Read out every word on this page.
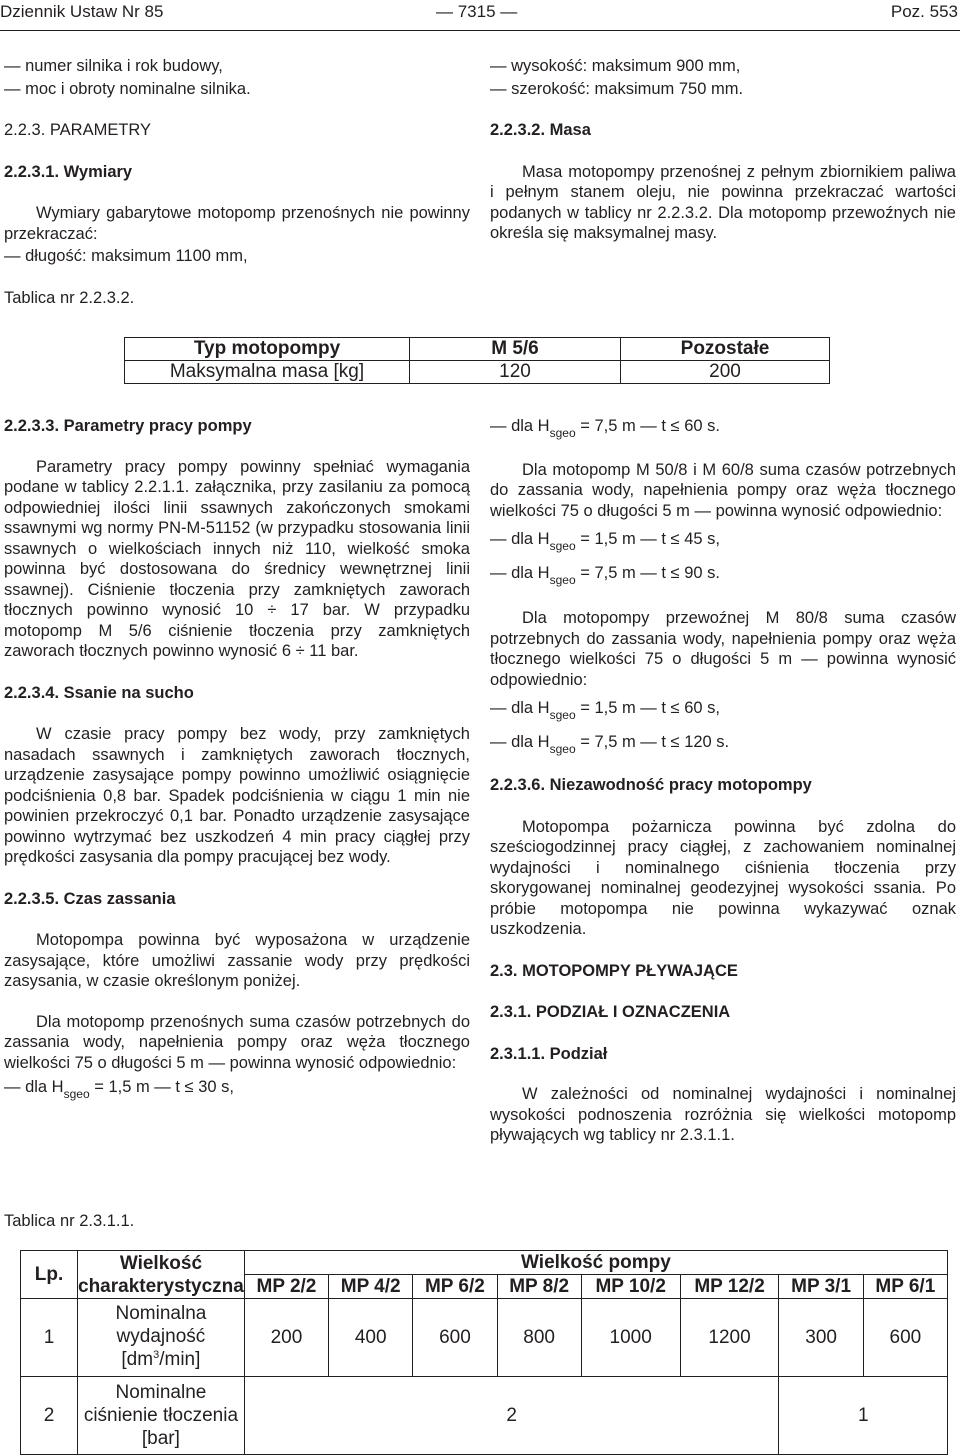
Dziennik Ustaw Nr 85	— 7315 —	Poz. 553

— numer silnika i rok budowy,

— moc i obroty nominalne silnika.

2.2.3. PARAMETRY

2.2.3.1. Wymiary

Wymiary gabarytowe motopomp przenośnych nie powinny przekraczać:

— długość: maksimum 1100 mm,

— wysokość: maksimum 900 mm,

— szerokość: maksimum 750 mm.

2.2.3.2. Masa

Masa motopompy przenośnej z pełnym zbiornikiem paliwa i pełnym stanem oleju, nie powinna przekraczać wartości podanych w tablicy nr 2.2.3.2. Dla motopomp przewoźnych nie określa się maksymalnej masy.

Tablica nr 2.2.3.2.
Typ motopompy	M 5/6	Pozostałe
Maksymalna masa [kg]	120	200

2.2.3.3. Parametry pracy pompy

Parametry pracy pompy powinny spełniać wymagania podane w tablicy 2.2.1.1. załącznika, przy zasilaniu za pomocą odpowiedniej ilości linii ssawnych zakończonych smokami ssawnymi wg normy PN-M-51152 (w przypadku stosowania linii ssawnych o wielkościach innych niż 110, wielkość smoka powinna być dostosowana do średnicy wewnętrznej linii ssawnej). Ciśnienie tłoczenia przy zamkniętych zaworach tłocznych powinno wynosić 10 ÷ 17 bar. W przypadku motopomp M 5/6 ciśnienie tłoczenia przy zamkniętych zaworach tłocznych powinno wynosić 6 ÷ 11 bar.

2.2.3.4. Ssanie na sucho

W czasie pracy pompy bez wody, przy zamkniętych nasadach ssawnych i zamkniętych zaworach tłocznych, urządzenie zasysające pompy powinno umożliwić osiągnięcie podciśnienia 0,8 bar. Spadek podciśnienia w ciągu 1 min nie powinien przekroczyć 0,1 bar. Ponadto urządzenie zasysające powinno wytrzymać bez uszkodzeń 4 min pracy ciągłej przy prędkości zasysania dla pompy pracującej bez wody.

2.2.3.5. Czas zassania

Motopompa powinna być wyposażona w urządzenie zasysające, które umożliwi zassanie wody przy prędkości zasysania, w czasie określonym poniżej.

Dla motopomp przenośnych suma czasów potrzebnych do zassania wody, napełnienia pompy oraz węża tłocznego wielkości 75 o długości 5 m — powinna wynosić odpowiednio:

— dla $H_{sgeo} = 1,5$ m — t ≤ 30 s,

— dla $H_{sgeo} = 7,5$ m — t ≤ 60 s.

Dla motopomp M 50/8 i M 60/8 suma czasów potrzebnych do zassania wody, napełnienia pompy oraz węża tłocznego wielkości 75 o długości 5 m — powinna wynosić odpowiednio:

— dla $H_{sgeo} = 1,5$ m — t ≤ 45 s,

— dla $H_{sgeo} = 7,5$ m — t ≤ 90 s.

Dla motopompy przewoźnej M 80/8 suma czasów potrzebnych do zassania wody, napełnienia pompy oraz węża tłocznego wielkości 75 o długości 5 m — powinna wynosić odpowiednio:

— dla $H_{sgeo} = 1,5$ m — t ≤ 60 s,

— dla $H_{sgeo} = 7,5$ m — t ≤ 120 s.

2.2.3.6. Niezawodność pracy motopompy

Motopompa pożarnicza powinna być zdolna do sześciogodzinnej pracy ciągłej, z zachowaniem nominalnej wydajności i nominalnego ciśnienia tłoczenia przy skorygowanej nominalnej geodezyjnej wysokości ssania. Po próbie motopompa nie powinna wykazywać oznak uszkodzenia.

2.3. MOTOPOMPY PŁYWAJĄCE

2.3.1. PODZIAŁ I OZNACZENIA

2.3.1.1. Podział

W zależności od nominalnej wydajności i nominalnej wysokości podnoszenia rozróżnia się wielkości motopomp pływających wg tablicy nr 2.3.1.1.

Tablica nr 2.3.1.1.
Lp.	Wielkość charakterystyczna	Wielkość pompy							
		MP 2/2	MP 4/2	MP 6/2	MP 8/2	MP 10/2	MP 12/2	MP 3/1	MP 6/1
1	Nominalna wydajność $[dm^3/\min]$	200	400	600	800	1000	1200	300	600
2	Nominalne ciśnienie tłoczenia [bar]	2						1	
